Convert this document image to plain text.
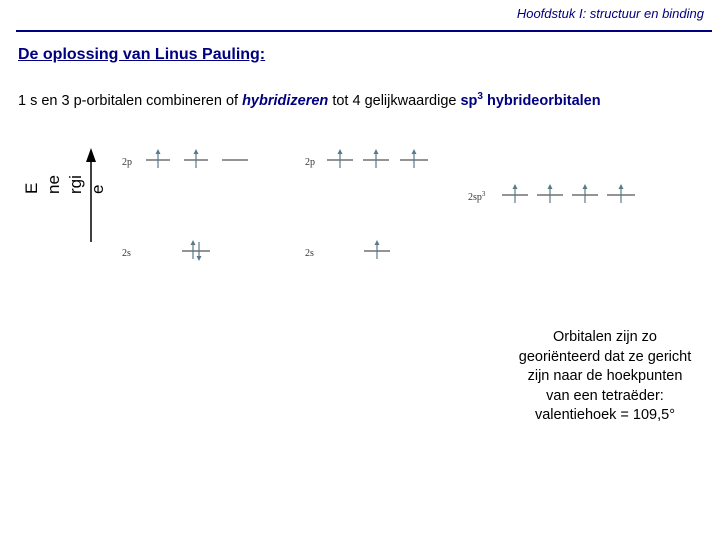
Hoofdstuk I: structuur en binding
De oplossing van Linus Pauling:
1 s en 3 p-orbitalen combineren of hybridizeren tot 4 gelijkwaardige $sp^3$ hybrideorbitalen
E ne rgi e
2p
2s
2p
2s
$2sp^3$
Orbitalen zijn zo
georiënteerd dat ze gericht
zijn naar de hoekpunten
van een tetraëder:
valentiehoek = 109,5°
